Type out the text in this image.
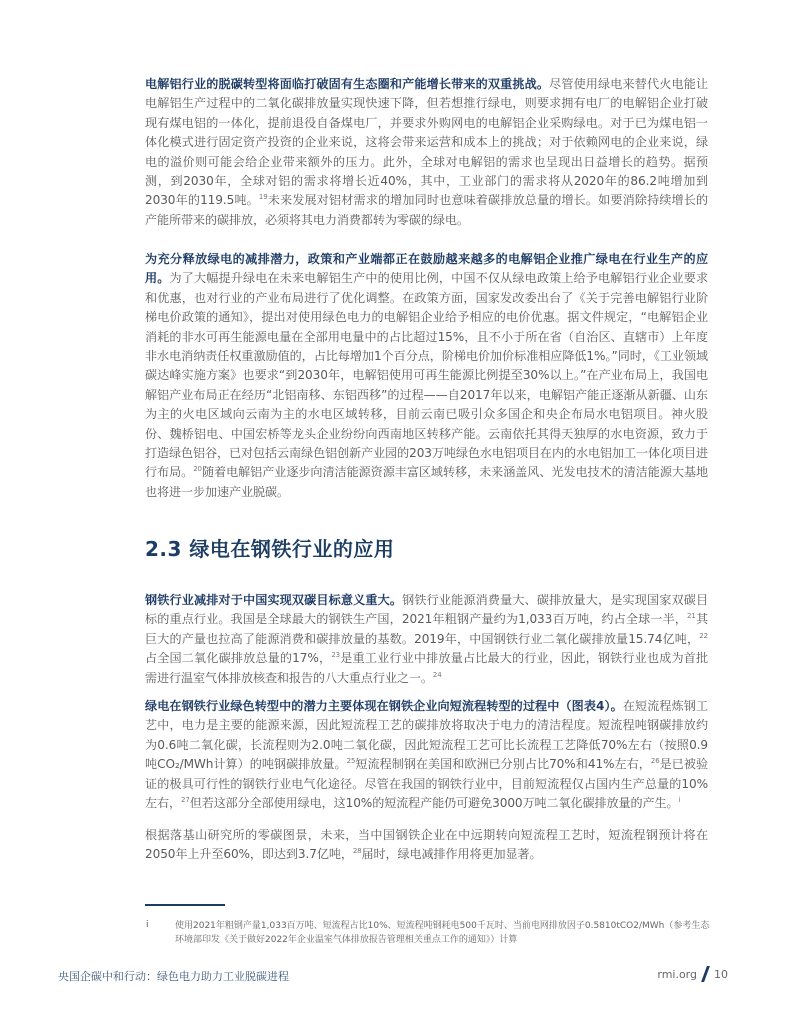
电解铝行业的脱碳转型将面临打破固有生态圈和产能增长带来的双重挑战。尽管使用绿电来替代火电能让电解铝生产过程中的二氧化碳排放量实现快速下降，但若想推行绿电，则要求拥有电厂的电解铝企业打破现有煤电铝的一体化，提前退役自备煤电厂，并要求外购网电的电解铝企业采购绿电。对于已为煤电铝一体化模式进行固定资产投资的企业来说，这将会带来运营和成本上的挑战；对于依赖网电的企业来说，绿电的溢价则可能会给企业带来额外的压力。此外，全球对电解铝的需求也呈现出日益增长的趋势。据预测，到2030年，全球对铝的需求将增长近40%，其中，工业部门的需求将从2020年的86.2吨增加到2030年的119.5吨。$^{19}$未来发展对铝材需求的增加同时也意味着碳排放总量的增长。如要消除持续增长的产能所带来的碳排放，必须将其电力消费都转为零碳的绿电。
为充分释放绿电的减排潜力，政策和产业端都正在鼓励越来越多的电解铝企业推广绿电在行业生产的应用。为了大幅提升绿电在未来电解铝生产中的使用比例，中国不仅从绿电政策上给予电解铝行业企业要求和优惠，也对行业的产业布局进行了优化调整。在政策方面，国家发改委出台了《关于完善电解铝行业阶梯电价政策的通知》，提出对使用绿色电力的电解铝企业给予相应的电价优惠。据文件规定，“电解铝企业消耗的非水可再生能源电量在全部用电量中的占比超过15%，且不小于所在省（自治区、直辖市）上年度非水电消纳责任权重激励值的，占比每增加1个百分点，阶梯电价加价标准相应降低1%。”同时，《工业领域碳达峰实施方案》也要求“到2030年，电解铝使用可再生能源比例提至30%以上。”在产业布局上，我国电解铝产业布局正在经历“北铝南移、东铝西移”的过程——自2017年以来，电解铝产能正逐渐从新疆、山东为主的火电区域向云南为主的水电区域转移，目前云南已吸引众多国企和央企布局水电铝项目。神火股份、魏桥铝电、中国宏桥等龙头企业纷纷向西南地区转移产能。云南依托其得天独厚的水电资源，致力于打造绿色铝谷，已对包括云南绿色铝创新产业园的203万吨绿色水电铝项目在内的水电铝加工一体化项目进行布局。$^{20}$随着电解铝产业逐步向清洁能源资源丰富区域转移，未来涵盖风、光发电技术的清洁能源大基地也将进一步加速产业脱碳。
2.3 绿电在钢铁行业的应用
钢铁行业减排对于中国实现双碳目标意义重大。钢铁行业能源消费量大、碳排放量大，是实现国家双碳目标的重点行业。我国是全球最大的钢铁生产国，2021年粗钢产量约为1,033百万吨，约占全球一半，$^{21}$其巨大的产量也拉高了能源消费和碳排放量的基数。2019年，中国钢铁行业二氧化碳排放量15.74亿吨，$^{22}$占全国二氧化碳排放总量的17%，$^{23}$是重工业行业中排放量占比最大的行业，因此，钢铁行业也成为首批需进行温室气体排放核查和报告的八大重点行业之一。$^{24}$
绿电在钢铁行业绿色转型中的潜力主要体现在钢铁企业向短流程转型的过程中（图表4）。在短流程炼钢工艺中，电力是主要的能源来源，因此短流程工艺的碳排放将取决于电力的清洁程度。短流程吨钢碳排放约为0.6吨二氧化碳，长流程则为2.0吨二氧化碳，因此短流程工艺可比长流程工艺降低70%左右（按照0.9吨CO₂/MWh计算）的吨钢碳排放量。$^{25}$短流程制钢在美国和欧洲已分别占比70%和41%左右，$^{26}$是已被验证的极具可行性的钢铁行业电气化途径。尽管在我国的钢铁行业中，目前短流程仅占国内生产总量的10%左右，$^{27}$但若这部分全部使用绿电，这10%的短流程产能仍可避免3000万吨二氧化碳排放量的产生。$^i$
根据落基山研究所的零碳图景，未来，当中国钢铁企业在中远期转向短流程工艺时，短流程钢预计将在2050年上升至60%，即达到3.7亿吨，$^{28}$届时，绿电减排作用将更加显著。
i	使用2021年粗钢产量1,033百万吨、短流程占比10%、短流程吨钢耗电500千瓦时、当前电网排放因子0.5810tCO2/MWh（参考生态环境部印发《关于做好2022年企业温室气体排放报告管理相关重点工作的通知》）计算
央国企碳中和行动：绿色电力助力工业脱碳进程	rmi.org 10
